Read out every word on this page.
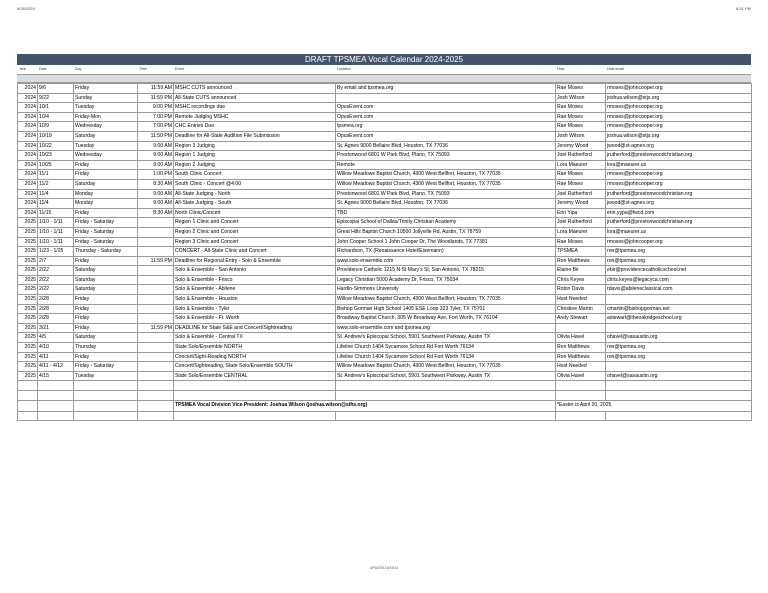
9/26/2024	8:31 PM
DRAFT TPSMEA Vocal Calendar 2024-2025
Year	Date	Day	Time	Event	Location	Host	Host email
2024	9/6	Friday	11:59 AM	MSHC CUTS announced	By email and tpsmea.org	Rae Moses	rmoses@johncooper.org
2024	9/22	Sunday	11:59 PM	All-State CUTS announced		Josh Wilson	joshua.wilson@stjs.org
2024	10/1	Tuesday	9:00 PM	MSHC recordings due	OpusEvent.com	Rae Moses	rmoses@johncooper.org
2024	10/4	Friday-Mon	7:00 PM	Remote Judging MSHC	OpusEvent.com	Rae Moses	rmoses@johncooper.org
2024	10/9	Wednesday	7:00 PM	CHC Entries Due	tpsmea.org	Rae Moses	rmoses@johncooper.org
2024	10/19	Saturday	11:50 PM	Deadline for All-State Audition File Submission	OpusEvent.com	Josh Wilson	joshua.wilson@stjs.org
2024	10/22	Tuesday	9:00 AM	Region 3 Judging	St. Agnes 9000 Bellaire Blvd, Houston, TX 77036	Jeremy Wood	jwood@st-agnes.org
2024	10/23	Wednesday	9:00 AM	Region 1 Judging	Prestonwood 6801 W Park Blvd, Plano, TX 75093	Joel Rutherford	jrutherford@prestonwoodchristian.org
2024	10/25	Friday	9:00 AM	Region 2 Judging	Remote	Lora Maeurer	lora@maeurer.us
2024	11/1	Friday	1:00 PM	South Clinic Concert	Willow Meadows Baptist Church, 4300 West Bellfort, Houston, TX 77035	Rae Moses	rmoses@johncooper.org
2024	11/2	Saturday	8:30 AM	South Clinic - Concert @4:00	Willow Meadows Baptist Church, 4300 West Bellfort, Houston, TX 77035	Rae Moses	rmoses@johncooper.org
2024	11/4	Monday	9:00 AM	All-State Judging - North	Prestonwood 6801 W Park Blvd, Plano, TX 75093	Joel Rutherford	jrutherford@prestonwoodchristian.org
2024	11/4	Monday	9:00 AM	All-State Judging - South	St. Agnes 9000 Bellaire Blvd, Houston, TX 77036	Jeremy Wood	jwood@st-agnes.org
2024	11/15	Friday	8:30 AM	North Clinic/Concert	TBD	Erin Yipa	erin.yypa@fwcd.com
2025	1/10 - 1/11	Friday - Saturday		Region 1 Clinic and Concert	Episcopal School of Dallas/Trinity Christian Academy	Joel Rutherford	jrutherford@prestonwoodchristian.org
2025	1/10 - 1/11	Friday - Saturday		Region 2 Clinic and Concert	Great Hills Baptist Church 10500 Jollyville Rd, Austin, TX 78759	Lora Maeurer	lora@maeurer.us
2025	1/10 - 1/11	Friday - Saturday		Region 3 Clinic and Concert	John Cooper School 1 John Cooper Dr, The Woodlands, TX 77381	Rae Moses	rmoses@johncooper.org
2025	1/23 - 1/25	Thursday - Saturday		CONCERT - All-State Clinic and Concert	Richardson, TX (Renaissance Hotel/Eisemann)	TPSMEA	ron@tpsmea.org
2025	2/7	Friday	11:59 PM	Deadline for Regional Entry - Solo & Ensemble	www.solo-ensemble.com	Ron Matthews	ron@tpsmea.org
2025	2/22	Saturday		Solo & Ensemble - San Antonio	Providence Catholic 1215 N St Mary's St, San Antonio, TX 78215	Elaine Bir	ebir@providencecatholicschool.net
2025	2/22	Saturday		Solo & Ensemble - Frisco	Legacy Christian 5000 Academy Dr, Frisco, TX 75034	Chris Keyes	chris.keyes@legacyca.com
2025	2/22	Saturday		Solo & Ensemble - Abilene	Hardin-Simmons University	Robin Davis	rdavis@abileneclassical.com
2025	2/28	Friday		Solo & Ensemble - Houston	Willow Meadows Baptist Church, 4300 West Bellfort, Houston, TX 77035	Host Needed	
2025	2/28	Friday		Solo & Ensemble - Tyler	Bishop Gorman High School 1405 ESE Loop 323 Tyler, TX 75701	Christine Martin	cmartin@bishopgorman.net
2025	2/28	Friday		Solo & Ensemble - Ft. Worth	Broadway Baptist Church, 305 W Broadway Ave, Fort Worth, TX 76104	Andy Stewart	astewart@theoakridgeschool.org
2025	3/21	Friday	11:59 PM	DEADLINE for State S&E and Concert/Sightreading	www.solo-ensemble.com and tpsmea.org		
2025	4/5	Saturday		Solo & Ensemble - Central TX	St. Andrew's Episcopal School, 5901 Southwest Parkway, Austin TX	Olivia Havel	ohavel@sasaustin.org
2025	4/10	Thursday		State Solo/Ensemble NORTH	Lifeline Church 1404 Sycamore School Rd Fort Worth 76134	Ron Matthews	ron@tpsmea.org
2025	4/11	Friday		Concert/Sight-Reading NORTH	Lifeline Church 1404 Sycamore School Rd Fort Worth 76134	Ron Matthews	ron@tpsmea.org
2025	4/11 - 4/12	Friday - Saturday		Concert/Sightreading, State Solo/Ensemble SOUTH	Willow Meadows Baptist Church, 4300 West Bellfort, Houston, TX 77035	Host Needed	
2025	4/15	Tuesday		State Solo/Ensemble CENTRAL	St. Andrew's Episcopal School, 5901 Southwest Parkway, Austin TX	Olivia Havel	ohavel@sasaustin.org

				TPSMEA Vocal Division Vice President: Joshua Wilson (joshua.wilson@sths.org)		*Easter is April 20, 2025	

UPDATED 8/19/24
